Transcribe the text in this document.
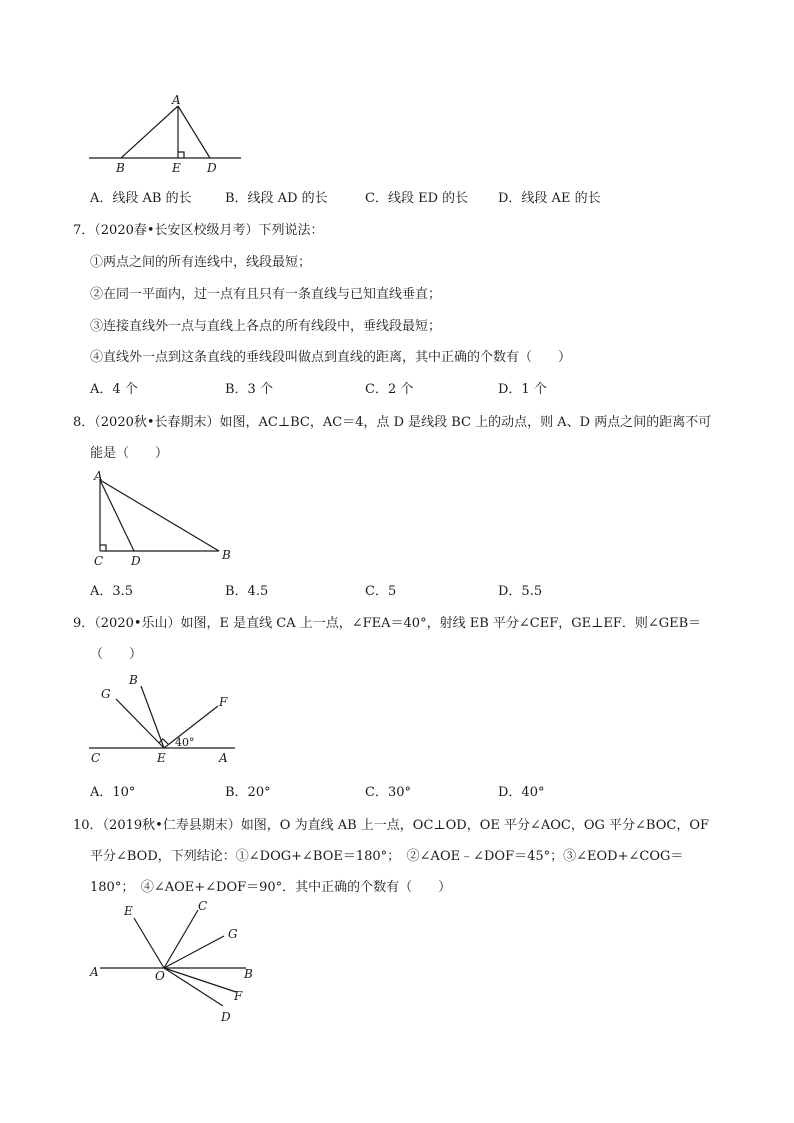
A
B	E D
A．线段 AB 的长	B．线段 AD 的长	C．线段 ED 的长 D．线段 AE 的长
7．（2020春•长安区校级月考）下列说法：
①两点之间的所有连线中，线段最短；
②在同一平面内，过一点有且只有一条直线与已知直线垂直；
③连接直线外一点与直线上各点的所有线段中，垂线段最短；
④直线外一点到这条直线的垂线段叫做点到直线的距离，其中正确的个数有（　　）
A．4 个	B．3 个	C．2 个	D．1 个
8．（2020秋•长春期末）如图，AC⊥BC，AC＝4，点 D 是线段 BC 上的动点，则 A、D 两点之间的距离不可
能是（　　）
A
C D	B
A．3.5	B．4.5	C．5	D．5.5
9．（2020•乐山）如图，E 是直线 CA 上一点，∠FEA＝40°，射线 EB 平分∠CEF，GE⊥EF．则∠GEB＝
（　　）
G
B
F
40°
C	E	A
A．10°	B．20°	C．30°	D．40°
10．（2019秋•仁寿县期末）如图，O 为直线 AB 上一点，OC⊥OD，OE 平分∠AOC，OG 平分∠BOC，OF
平分∠BOD，下列结论：①∠DOG+∠BOE＝180°；　②∠AOE﹣∠DOF＝45°；③∠EOD+∠COG＝
180°；　④∠AOE+∠DOF＝90°．其中正确的个数有（　　）
E	C
G
A	O	B
F
D
